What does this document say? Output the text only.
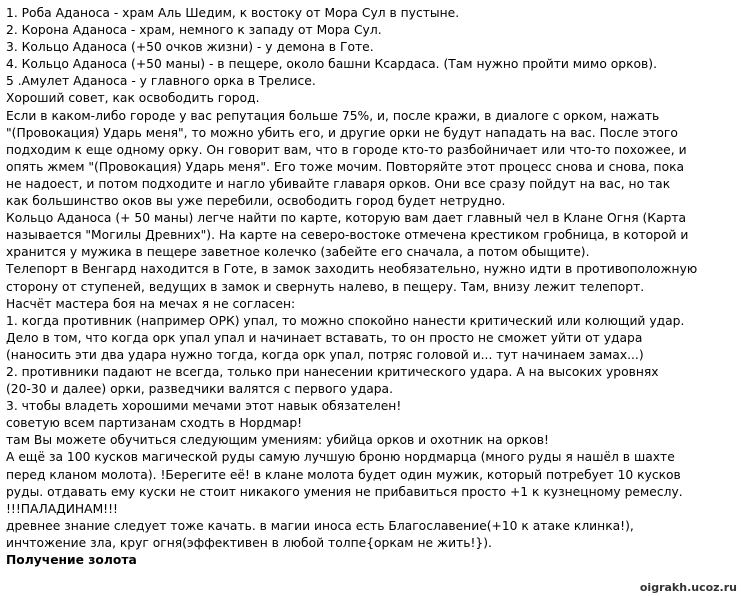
1. Роба Аданоса - храм Аль Шедим, к востоку от Мора Сул в пустыне.
2. Корона Аданоса - храм, немного к западу от Мора Сул.
3. Кольцо Аданоса (+50 очков жизни) - у демона в Готе.
4. Кольцо Аданоса (+50 маны) - в пещере, около башни Ксардаса. (Там нужно пройти мимо орков).
5 .Амулет Аданоса - у главного орка в Трелисе.
Хороший совет, как освободить город.
Если в каком-либо городе у вас репутация больше 75%, и, после кражи, в диалоге с орком, нажать
"(Провокация) Ударь меня", то можно убить его, и другие орки не будут нападать на вас. После этого
подходим к еще одному орку. Он говорит вам, что в городе кто-то разбойничает или что-то похожее, и
опять жмем "(Провокация) Ударь меня". Его тоже мочим. Повторяйте этот процесс снова и снова, пока
не надоест, и потом подходите и нагло убивайте главаря орков. Они все сразу пойдут на вас, но так
как большинство оков вы уже перебили, освободить город будет нетрудно.
Кольцо Аданоса (+ 50 маны) легче найти по карте, которую вам дает главный чел в Клане Огня (Карта
называется "Могилы Древних"). На карте на северо-востоке отмечена крестиком гробница, в которой и
хранится у мужика в пещере заветное колечко (забейте его сначала, а потом обыщите).
Телепорт в Венгард находится в Готе, в замок заходить необязательно, нужно идти в противоположную
сторону от ступеней, ведущих в замок и свернуть налево, в пещеру. Там, внизу лежит телепорт.
Насчёт мастера боя на мечах я не согласен:
1. когда противник (например ОРК) упал, то можно спокойно нанести критический или колющий удар.
Дело в том, что когда орк упал упал и начинает вставать, то он просто не сможет уйти от удара
(наносить эти два удара нужно тогда, когда орк упал, потряс головой и... тут начинаем замах...)
2. противники падают не всегда, только при нанесении критического удара. А на высоких уровнях
(20-30 и далее) орки, разведчики валятся с первого удара.
3. чтобы владеть хорошими мечами этот навык обязателен!
советую всем партизанам сходть в Нордмар!
там Вы можете обучиться следующим умениям: убийца орков и охотник на орков!
А ещё за 100 кусков магической руды самую лучшую броню нордмарца (много руды я нашёл в шахте
перед кланом молота). !Берегите её! в клане молота будет один мужик, который потребует 10 кусков
руды. отдавать ему куски не стоит никакого умения не прибавиться просто +1 к кузнецному ремеслу.
!!!ПАЛАДИНАМ!!!
древнее знание следует тоже качать. в магии иноса есть Благославение(+10 к атаке клинка!),
инчтожение зла, круг огня(эффективен в любой толпе{оркам не жить!}).
Получение золота
oigrakh.ucoz.ru
